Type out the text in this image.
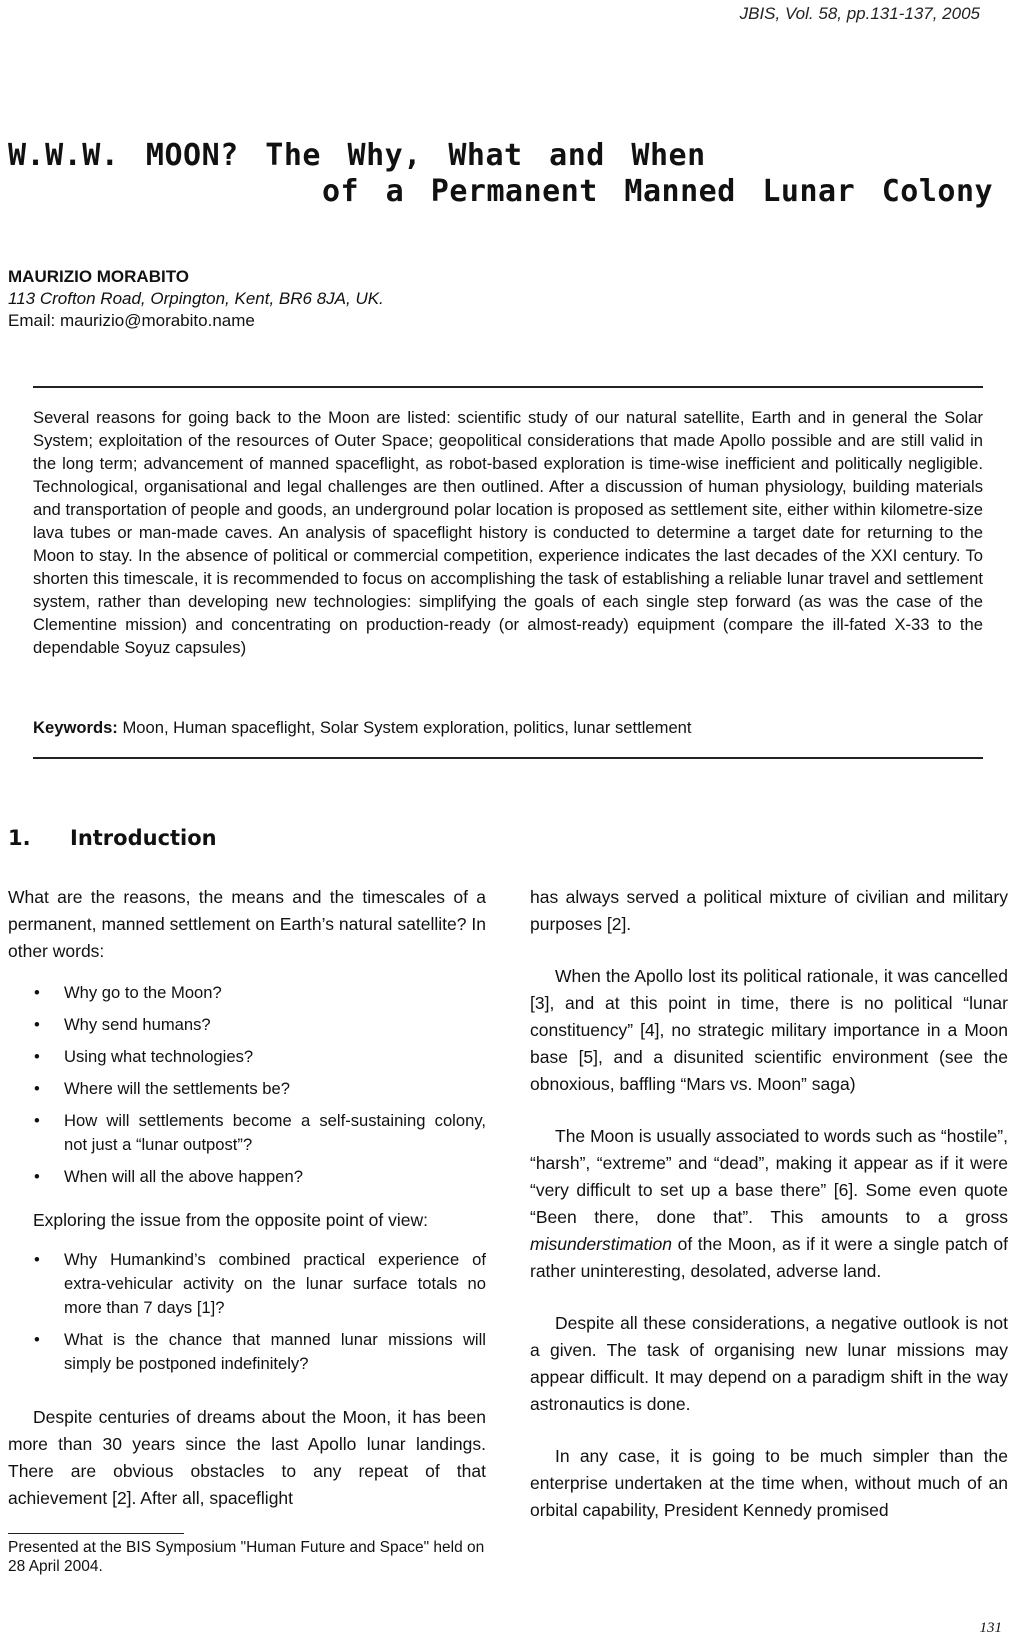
JBIS, Vol. 58, pp.131-137, 2005
W.W.W. MOON? The Why, What and When
of a Permanent Manned Lunar Colony
MAURIZIO MORABITO
113 Crofton Road, Orpington, Kent, BR6 8JA, UK.
Email: maurizio@morabito.name
Several reasons for going back to the Moon are listed: scientific study of our natural satellite, Earth and in general the Solar System; exploitation of the resources of Outer Space; geopolitical considerations that made Apollo possible and are still valid in the long term; advancement of manned spaceflight, as robot-based exploration is time-wise inefficient and politically negligible. Technological, organisational and legal challenges are then outlined. After a discussion of human physiology, building materials and transportation of people and goods, an underground polar location is proposed as settlement site, either within kilometre-size lava tubes or man-made caves. An analysis of spaceflight history is conducted to determine a target date for returning to the Moon to stay. In the absence of political or commercial competition, experience indicates the last decades of the XXI century. To shorten this timescale, it is recommended to focus on accomplishing the task of establishing a reliable lunar travel and settlement system, rather than developing new technologies: simplifying the goals of each single step forward (as was the case of the Clementine mission) and concentrating on production-ready (or almost-ready) equipment (compare the ill-fated X-33 to the dependable Soyuz capsules)
Keywords: Moon, Human spaceflight, Solar System exploration, politics, lunar settlement
1. Introduction

What are the reasons, the means and the timescales of a permanent, manned settlement on Earth’s natural satellite? In other words:

• Why go to the Moon?
• Why send humans?
• Using what technologies?
• Where will the settlements be?
• How will settlements become a self-sustaining colony, not just a “lunar outpost”?
• When will all the above happen?

Exploring the issue from the opposite point of view:

• Why Humankind’s combined practical experience of extra-vehicular activity on the lunar surface totals no more than 7 days [1]?
• What is the chance that manned lunar missions will simply be postponed indefinitely?

Despite centuries of dreams about the Moon, it has been more than 30 years since the last Apollo lunar landings. There are obvious obstacles to any repeat of that achievement [2]. After all, spaceflight

has always served a political mixture of civilian and military purposes [2].

When the Apollo lost its political rationale, it was cancelled [3], and at this point in time, there is no political “lunar constituency” [4], no strategic military importance in a Moon base [5], and a disunited scientific environment (see the obnoxious, baffling “Mars vs. Moon” saga)

The Moon is usually associated to words such as “hostile”, “harsh”, “extreme” and “dead”, making it appear as if it were “very difficult to set up a base there” [6]. Some even quote “Been there, done that”. This amounts to a gross misunderstimation of the Moon, as if it were a single patch of rather uninteresting, desolated, adverse land.

Despite all these considerations, a negative outlook is not a given. The task of organising new lunar missions may appear difficult. It may depend on a paradigm shift in the way astronautics is done.

In any case, it is going to be much simpler than the enterprise undertaken at the time when, without much of an orbital capability, President Kennedy promised

Presented at the BIS Symposium "Human Future and Space" held on 28 April 2004.
131
